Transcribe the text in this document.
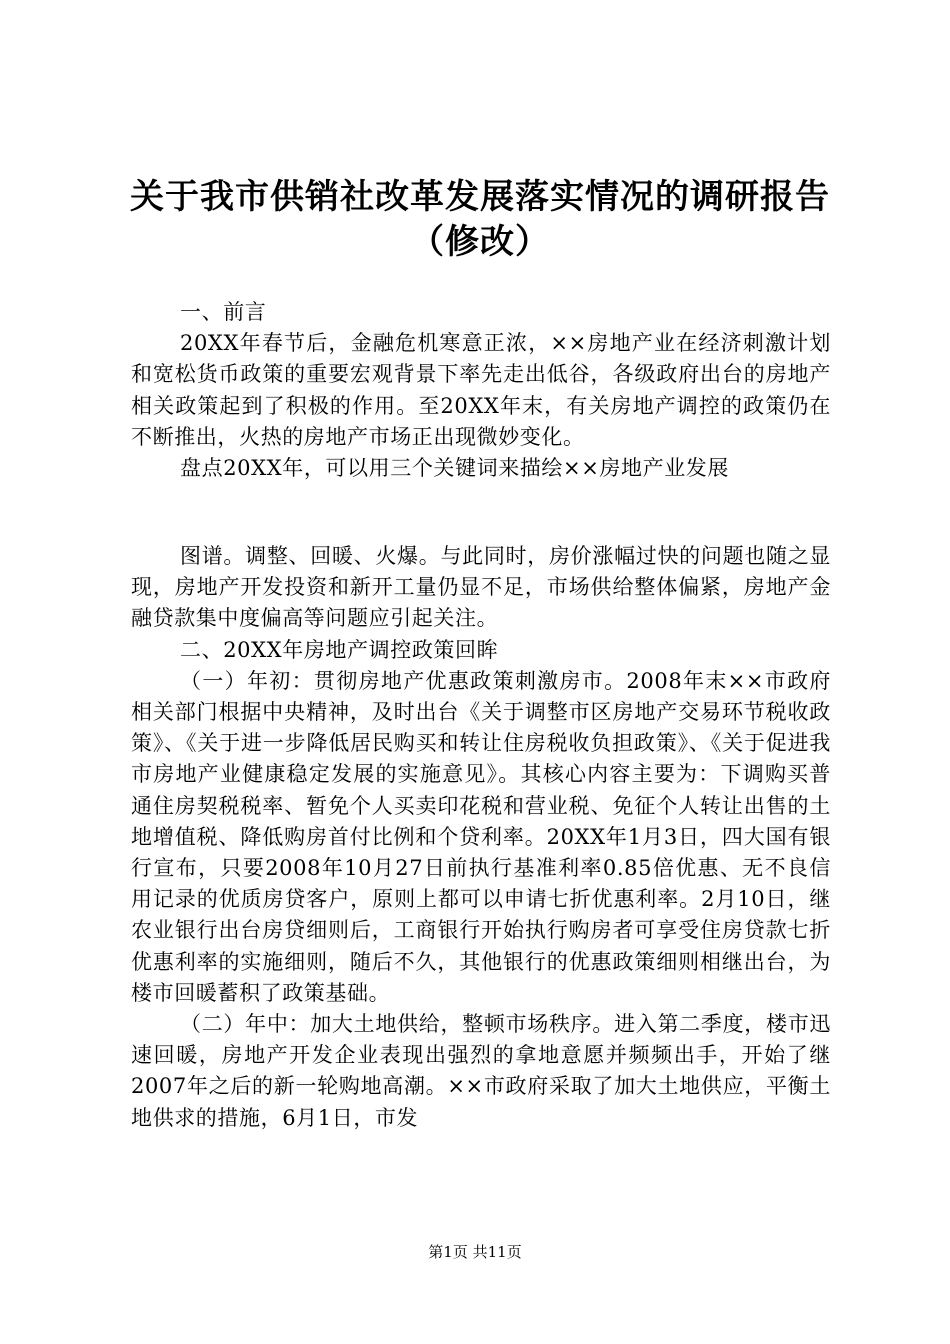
关于我市供销社改革发展落实情况的调研报告
（修改）

一、前言

20XX年春节后，金融危机寒意正浓，××房地产业在经济刺激计划和宽松货币政策的重要宏观背景下率先走出低谷，各级政府出台的房地产相关政策起到了积极的作用。至20XX年末，有关房地产调控的政策仍在不断推出，火热的房地产市场正出现微妙变化。

盘点20XX年，可以用三个关键词来描绘××房地产业发展

图谱。调整、回暖、火爆。与此同时，房价涨幅过快的问题也随之显现，房地产开发投资和新开工量仍显不足，市场供给整体偏紧，房地产金融贷款集中度偏高等问题应引起关注。

二、20XX年房地产调控政策回眸

（一）年初：贯彻房地产优惠政策刺激房市。2008年末××市政府相关部门根据中央精神，及时出台《关于调整市区房地产交易环节税收政策》、《关于进一步降低居民购买和转让住房税收负担政策》、《关于促进我市房地产业健康稳定发展的实施意见》。其核心内容主要为：下调购买普通住房契税税率、暂免个人买卖印花税和营业税、免征个人转让出售的土地增值税、降低购房首付比例和个贷利率。20XX年1月3日，四大国有银行宣布，只要2008年10月27日前执行基准利率0.85倍优惠、无不良信用记录的优质房贷客户，原则上都可以申请七折优惠利率。2月10日，继农业银行出台房贷细则后，工商银行开始执行购房者可享受住房贷款七折优惠利率的实施细则，随后不久，其他银行的优惠政策细则相继出台，为楼市回暖蓄积了政策基础。

（二）年中：加大土地供给，整顿市场秩序。进入第二季度，楼市迅速回暖，房地产开发企业表现出强烈的拿地意愿并频频出手，开始了继2007年之后的新一轮购地高潮。××市政府采取了加大土地供应，平衡土地供求的措施，6月1日，市发

第1页 共11页
